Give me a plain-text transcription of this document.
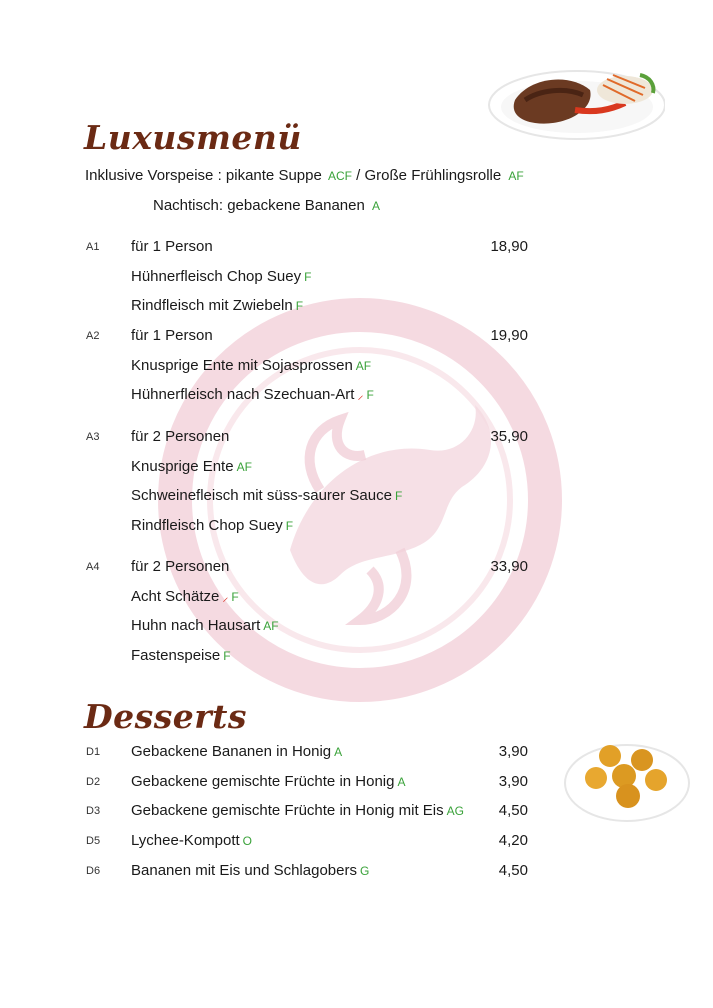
Luxusmenü
Inklusive Vorspeise : pikante Suppe ACF / Große Frühlingsrolle AF
Nachtisch: gebackene Bananen A
Desserts
A1 für 1 Person	18,90
Hühnerfleisch Chop Suey F
Rindfleisch mit Zwiebeln F
A2 für 1 Person	19,90
Knusprige Ente mit Sojasprossen AF
Hühnerfleisch nach Szechuan-Art ⸝ F
A3 für 2 Personen	35,90
Knusprige Ente AF
Schweinefleisch mit süss-saurer Sauce F
Rindfleisch Chop Suey F
A4 für 2 Personen	33,90
Acht Schätze ⸝ F
Huhn nach Hausart AF
Fastenspeise F
D1 Gebackene Bananen in Honig A	3,90
D2 Gebackene gemischte Früchte in Honig A	3,90
D3 Gebackene gemischte Früchte in Honig mit Eis AG	4,50
D5 Lychee-Kompott O	4,20
D6 Bananen mit Eis und Schlagobers G	4,50
